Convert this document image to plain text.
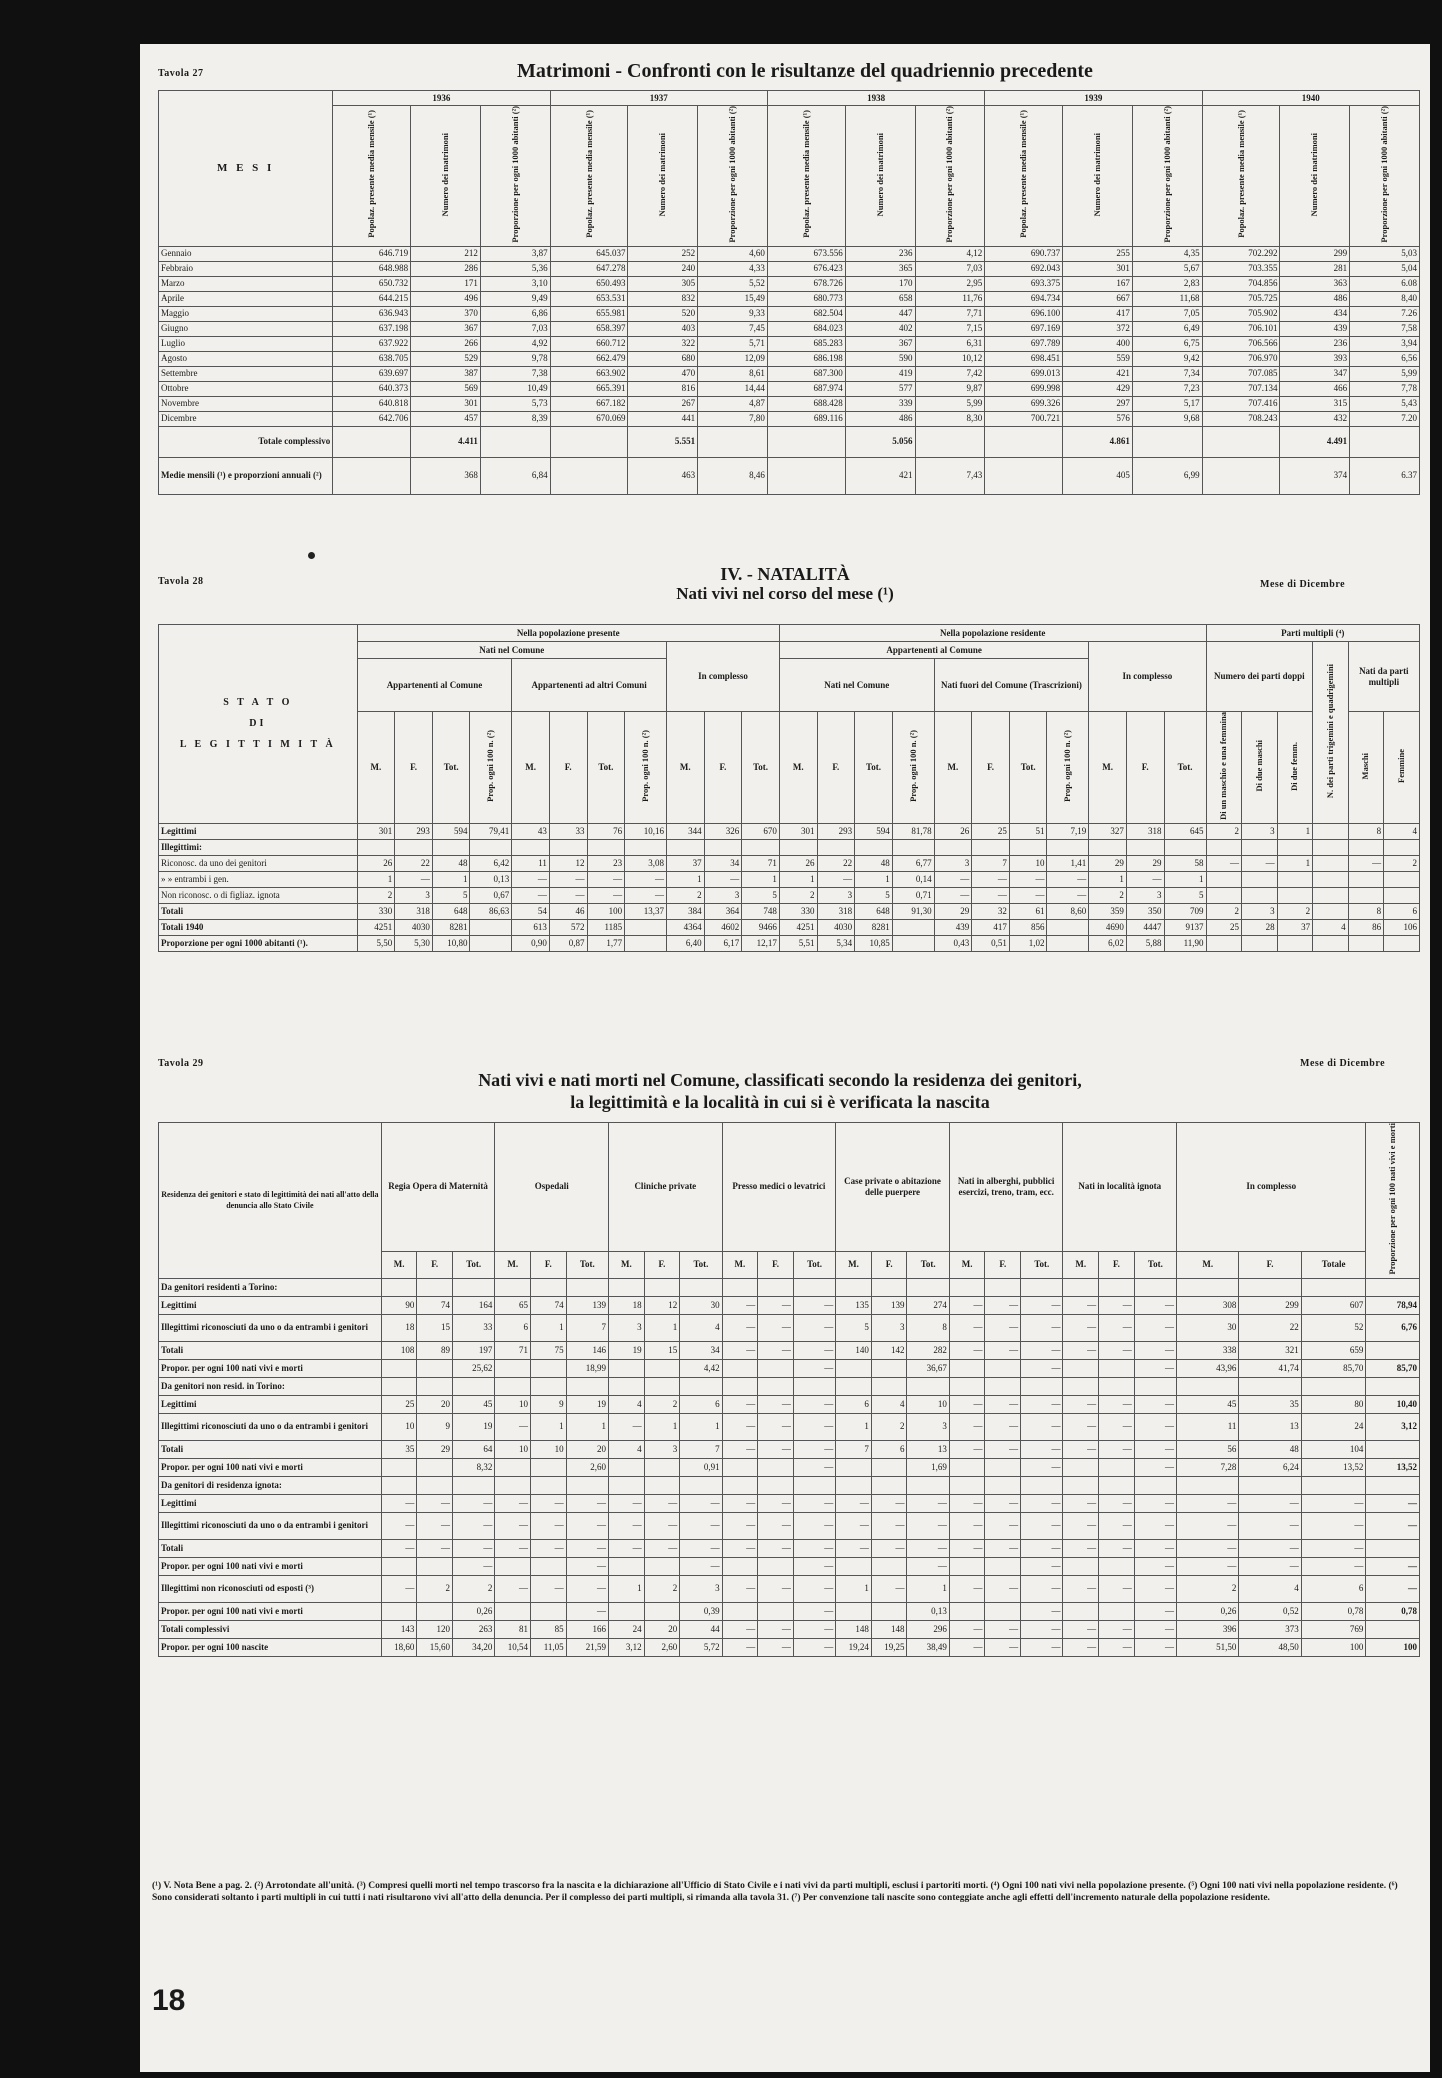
Tavola 27	Matrimoni - Confronti con le risultanze del quadriennio precedente
M E S I	1936			1937			1938			1939			1940		
	Popolaz. presente media mensile (¹)	Numero dei matrimoni	Proporzione per ogni 1000 abitanti (²)	Popolaz. presente media mensile (¹)	Numero dei matrimoni	Proporzione per ogni 1000 abitanti (²)	Popolaz. presente media mensile (¹)	Numero dei matrimoni	Proporzione per ogni 1000 abitanti (²)	Popolaz. presente media mensile (¹)	Numero dei matrimoni	Proporzione per ogni 1000 abitanti (²)	Popolaz. presente media mensile (¹)	Numero dei matrimoni	Proporzione per ogni 1000 abitanti (²)
Gennaio	646.719	212	3,87	645.037	252	4,60	673.556	236	4,12	690.737	255	4,35	702.292	299	5,03
Febbraio	648.988	286	5,36	647.278	240	4,33	676.423	365	7,03	692.043	301	5,67	703.355	281	5,04
Marzo	650.732	171	3,10	650.493	305	5,52	678.726	170	2,95	693.375	167	2,83	704.856	363	6.08
Aprile	644.215	496	9,49	653.531	832	15,49	680.773	658	11,76	694.734	667	11,68	705.725	486	8,40
Maggio	636.943	370	6,86	655.981	520	9,33	682.504	447	7,71	696.100	417	7,05	705.902	434	7.26
Giugno	637.198	367	7,03	658.397	403	7,45	684.023	402	7,15	697.169	372	6,49	706.101	439	7,58
Luglio	637.922	266	4,92	660.712	322	5,71	685.283	367	6,31	697.789	400	6,75	706.566	236	3,94
Agosto	638.705	529	9,78	662.479	680	12,09	686.198	590	10,12	698.451	559	9,42	706.970	393	6,56
Settembre	639.697	387	7,38	663.902	470	8,61	687.300	419	7,42	699.013	421	7,34	707.085	347	5,99
Ottobre	640.373	569	10,49	665.391	816	14,44	687.974	577	9,87	699.998	429	7,23	707.134	466	7,78
Novembre	640.818	301	5,73	667.182	267	4,87	688.428	339	5,99	699.326	297	5,17	707.416	315	5,43
Dicembre	642.706	457	8,39	670.069	441	7,80	689.116	486	8,30	700.721	576	9,68	708.243	432	7.20
Totale complessivo		4.411			5.551			5.056			4.861			4.491	
Medie mensili (¹) e proporzioni annuali (²)		368	6,84		463	8,46		421	7,43		405	6,99		374	6.37
Tavola 28	IV. - NATALITÀ
Nati vivi nel corso del mese (¹)	Mese di Dicembre
S T A T O
DI
L E G I T T I M I T À	Nella popolazione presente											Nella popolazione residente											Parti multipli (⁴)					
	Nati nel Comune								In complesso			Appartenenti al Comune								In complesso			Numero dei parti doppi			N. dei parti trigemini e quadrigemini	Nati da parti multipli	
	Appartenenti al Comune				Appartenenti ad altri Comuni							Nati nel Comune				Nati fuori del Comune (Trascrizioni)												
	M.	F.	Tot.	Prop. ogni 100 n. (²)	M.	F.	Tot.	Prop. ogni 100 n. (²)	M.	F.	Tot.	M.	F.	Tot.	Prop. ogni 100 n. (²)	M.	F.	Tot.	Prop. ogni 100 n. (²)	M.	F.	Tot.	Di un maschio e una femmina	Di due maschi	Di due femm.		Maschi	Femmine
Legittimi	301	293	594	79,41	43	33	76	10,16	344	326	670	301	293	594	81,78	26	25	51	7,19	327	318	645	2	3	1		8	4
Illegittimi:																												
Riconosc. da uno dei genitori	26	22	48	6,42	11	12	23	3,08	37	34	71	26	22	48	6,77	3	7	10	1,41	29	29	58	—	—	1		—	2
» » entrambi i gen.	1	—	1	0,13	—	—	—	—	1	—	1	1	—	1	0,14	—	—	—	—	1	—	1						
Non riconosc. o di figliaz. ignota	2	3	5	0,67	—	—	—	—	2	3	5	2	3	5	0,71	—	—	—	—	2	3	5						
Totali	330	318	648	86,63	54	46	100	13,37	384	364	748	330	318	648	91,30	29	32	61	8,60	359	350	709	2	3	2		8	6
Totali 1940	4251	4030	8281		613	572	1185		4364	4602	9466	4251	4030	8281		439	417	856		4690	4447	9137	25	28	37	4	86	106
Proporzione per ogni 1000 abitanti (¹).	5,50	5,30	10,80		0,90	0,87	1,77		6,40	6,17	12,17	5,51	5,34	10,85		0,43	0,51	1,02		6,02	5,88	11,90						
Tavola 29	Mese di Dicembre
Nati vivi e nati morti nel Comune, classificati secondo la residenza dei genitori,
la legittimità e la località in cui si è verificata la nascita
Residenza dei genitori e stato di legittimità dei nati all'atto della denuncia allo Stato Civile	Regia Opera di Maternità			Ospedali			Cliniche private			Presso medici o levatrici			Case private o abitazione delle puerpere			Nati in alberghi, pubblici esercizi, treno, tram, ecc.			Nati in località ignota			In complesso			Proporzione per ogni 100 nati vivi e morti
	M.	F.	Tot.	M.	F.	Tot.	M.	F.	Tot.	M.	F.	Tot.	M.	F.	Tot.	M.	F.	Tot.	M.	F.	Tot.	M.	F.	Totale	
Da genitori residenti a Torino:																									
Legittimi	90	74	164	65	74	139	18	12	30	—	—	—	135	139	274	—	—	—	—	—	—	308	299	607	78,94
Illegittimi riconosciuti da uno o da entrambi i genitori	18	15	33	6	1	7	3	1	4	—	—	—	5	3	8	—	—	—	—	—	—	30	22	52	6,76
Totali	108	89	197	71	75	146	19	15	34	—	—	—	140	142	282	—	—	—	—	—	—	338	321	659	
Propor. per ogni 100 nati vivi e morti			25,62			18,99			4,42			—			36,67			—			—	43,96	41,74	85,70	85,70
Da genitori non resid. in Torino:																									
Legittimi	25	20	45	10	9	19	4	2	6	—	—	—	6	4	10	—	—	—	—	—	—	45	35	80	10,40
Illegittimi riconosciuti da uno o da entrambi i genitori	10	9	19	—	1	1	—	1	1	—	—	—	1	2	3	—	—	—	—	—	—	11	13	24	3,12
Totali	35	29	64	10	10	20	4	3	7	—	—	—	7	6	13	—	—	—	—	—	—	56	48	104	
Propor. per ogni 100 nati vivi e morti			8,32			2,60			0,91			—			1,69			—			—	7,28	6,24	13,52	13,52
Da genitori di residenza ignota:																									
Legittimi	—	—	—	—	—	—	—	—	—	—	—	—	—	—	—	—	—	—	—	—	—	—	—	—	—
Illegittimi riconosciuti da uno o da entrambi i genitori	—	—	—	—	—	—	—	—	—	—	—	—	—	—	—	—	—	—	—	—	—	—	—	—	—
Totali	—	—	—	—	—	—	—	—	—	—	—	—	—	—	—	—	—	—	—	—	—	—	—	—	
Propor. per ogni 100 nati vivi e morti			—			—			—			—			—			—			—	—	—	—	—
Illegittimi non riconosciuti od esposti (³)	—	2	2	—	—	—	1	2	3	—	—	—	1	—	1	—	—	—	—	—	—	2	4	6	—
Propor. per ogni 100 nati vivi e morti			0,26			—			0,39			—			0,13			—			—	0,26	0,52	0,78	0,78
Totali complessivi	143	120	263	81	85	166	24	20	44	—	—	—	148	148	296	—	—	—	—	—	—	396	373	769	
Propor. per ogni 100 nascite	18,60	15,60	34,20	10,54	11,05	21,59	3,12	2,60	5,72	—	—	—	19,24	19,25	38,49	—	—	—	—	—	—	51,50	48,50	100	100
(¹) V. Nota Bene a pag. 2. (²) Arrotondate all'unità. (³) Compresi quelli morti nel tempo trascorso fra la nascita e la dichiarazione all'Ufficio di Stato Civile e i nati vivi da parti multipli, esclusi i partoriti morti. (⁴) Ogni 100 nati vivi nella popolazione presente. (⁵) Ogni 100 nati vivi nella popolazione residente. (⁶) Sono considerati soltanto i parti multipli in cui tutti i nati risultarono vivi all'atto della denuncia. Per il complesso dei parti multipli, si rimanda alla tavola 31. (⁷) Per convenzione tali nascite sono conteggiate anche agli effetti dell'incremento naturale della popolazione residente.
18
